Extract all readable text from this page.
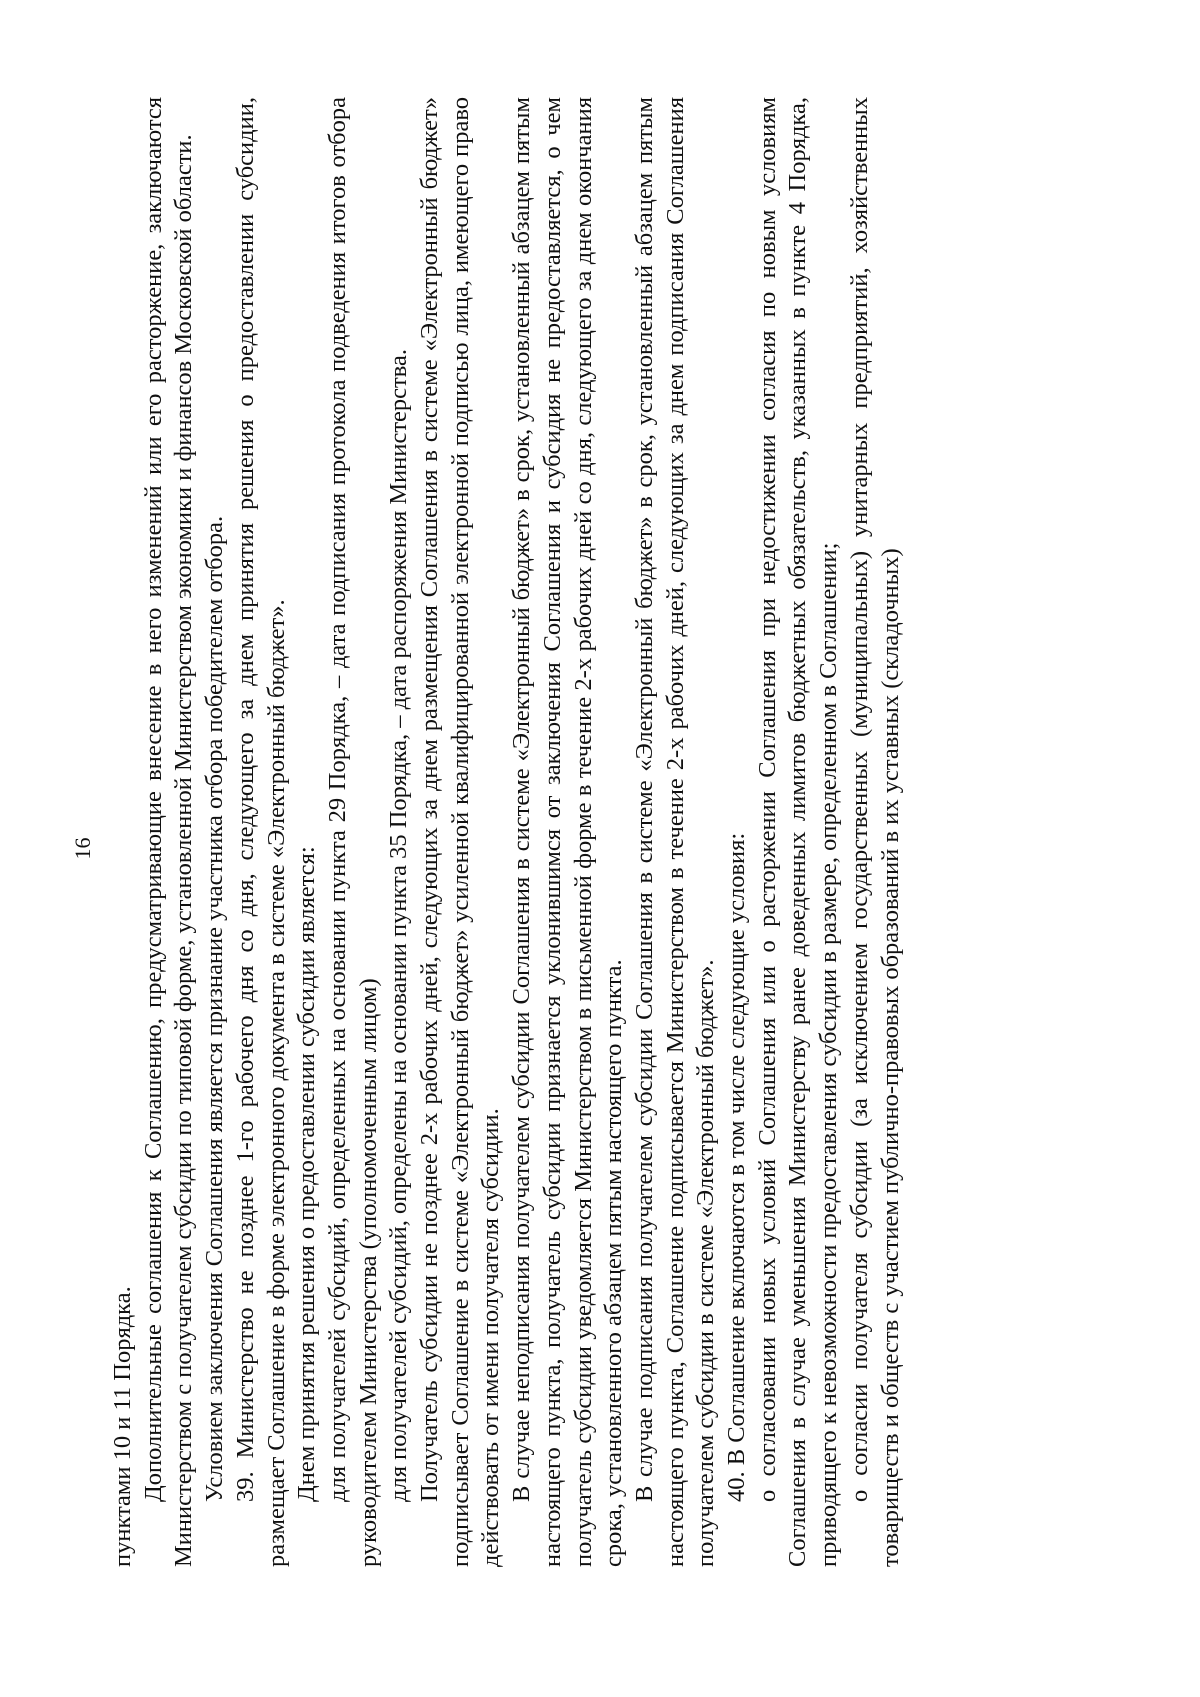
16

пунктами 10 и 11 Порядка. Дополнительные соглашения к Соглашению, предусматривающие внесение в него изменений или его расторжение, заключаются Министерством с получателем субсидии по типовой форме, установленной Министерством экономики и финансов Московской области. Условием заключения Соглашения является признание участника отбора победителем отбора. 39. Министерство не позднее 1-го рабочего дня со дня, следующего за днем принятия решения о предоставлении субсидии, размещает Соглашение в форме электронного документа в системе «Электронный бюджет». Днем принятия решения о предоставлении субсидии является: для получателей субсидий, определенных на основании пункта 29 Порядка, – дата подписания протокола подведения итогов отбора руководителем Министерства (уполномоченным лицом) для получателей субсидий, определены на основании пункта 35 Порядка, – дата распоряжения Министерства. Получатель субсидии не позднее 2-х рабочих дней, следующих за днем размещения Соглашения в системе «Электронный бюджет» подписывает Соглашение в системе «Электронный бюджет» усиленной квалифицированной электронной подписью лица, имеющего право действовать от имени получателя субсидии. В случае неподписания получателем субсидии Соглашения в системе «Электронный бюджет» в срок, установленный абзацем пятым настоящего пункта, получатель субсидии признается уклонившимся от заключения Соглашения и субсидия не предоставляется, о чем получатель субсидии уведомляется Министерством в письменной форме в течение 2-х рабочих дней со дня, следующего за днем окончания срока, установленного абзацем пятым настоящего пункта. В случае подписания получателем субсидии Соглашения в системе «Электронный бюджет» в срок, установленный абзацем пятым настоящего пункта, Соглашение подписывается Министерством в течение 2-х рабочих дней, следующих за днем подписания Соглашения получателем субсидии в системе «Электронный бюджет». 40. В Соглашение включаются в том числе следующие условия: о согласовании новых условий Соглашения или о расторжении Соглашения при недостижении согласия по новым условиям Соглашения в случае уменьшения Министерству ранее доведенных лимитов бюджетных обязательств, указанных в пункте 4 Порядка, приводящего к невозможности предоставления субсидии в размере, определенном в Соглашении; о согласии получателя субсидии (за исключением государственных (муниципальных) унитарных предприятий, хозяйственных товариществ и обществ с участием публично-правовых образований в их уставных (складочных)
